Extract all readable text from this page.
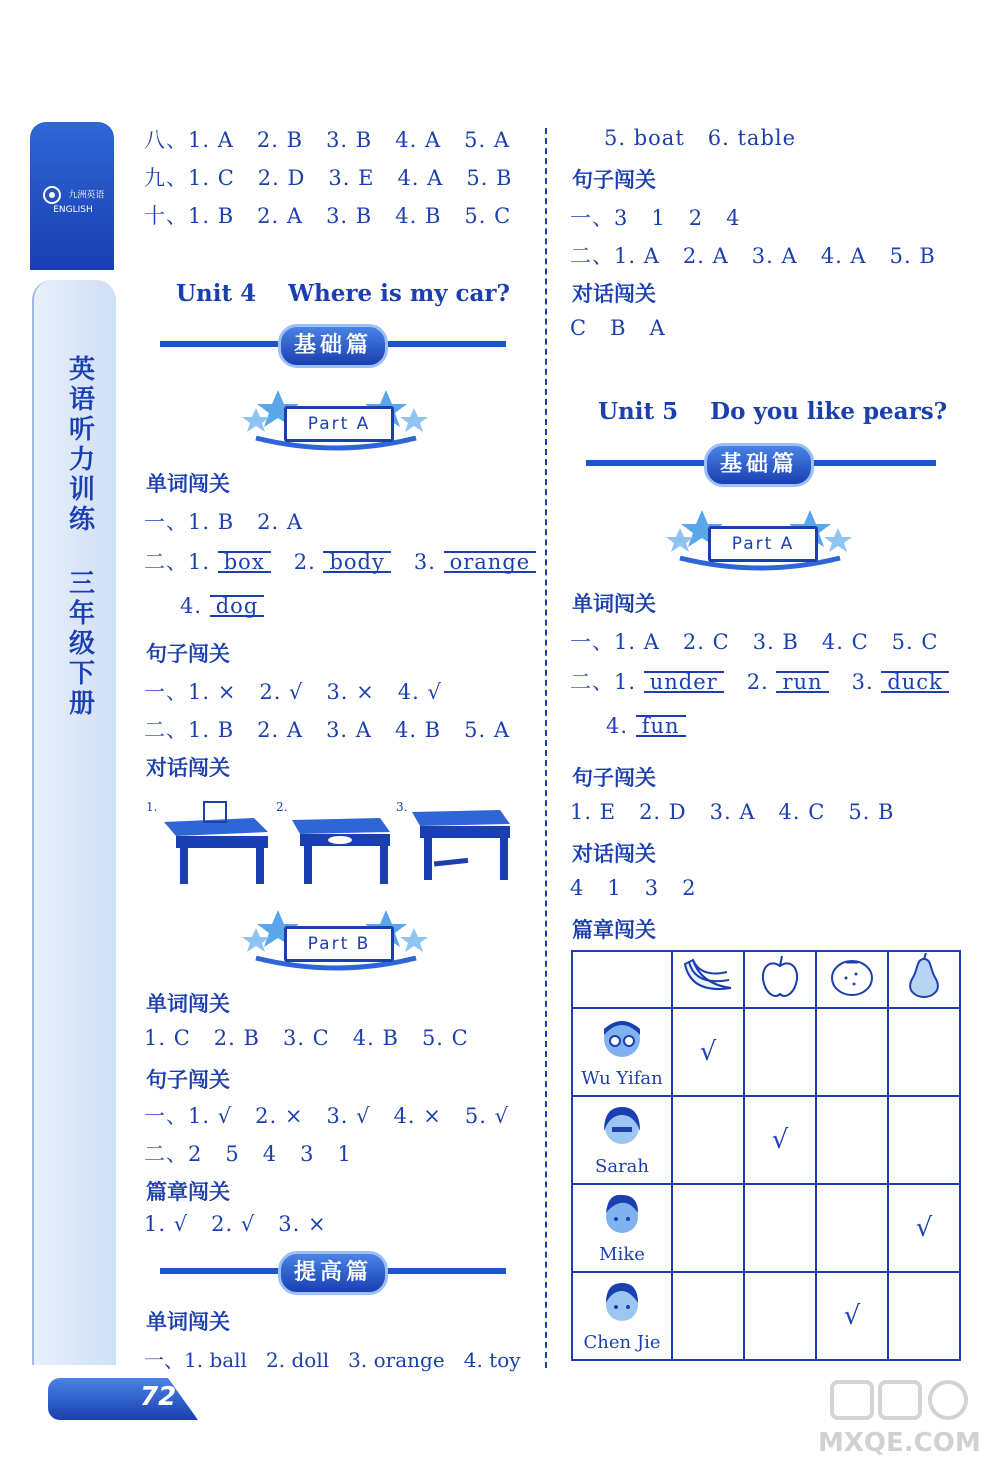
九洲英语 ENGLISH
英
语
听
力
训
练
三
年
级
下
册
72
八、1. A   2. B   3. B   4. A   5. A
九、1. C   2. D   3. E   4. A   5. B
十、1. B   2. A   3. B   4. B   5. C
Unit 4    Where is my car?
基础篇
Part A
单词闯关
一、1. B   2. A
二、1. box 2. body 3. orange
4. dog
句子闯关
一、1. ×   2. √   3. ×   4. √
二、1. B   2. A   3. A   4. B   5. A
对话闯关
1.	2.	3.
Part B
单词闯关
1. C   2. B   3. C   4. B   5. C
句子闯关
一、1. √   2. ×   3. √   4. ×   5. √
二、2   5   4   3   1
篇章闯关
1. √   2. √   3. ×
提高篇
单词闯关
一、1. ball   2. doll   3. orange   4. toy
5. boat   6. table
句子闯关
一、3   1   2   4
二、1. A   2. A   3. A   4. A   5. B
对话闯关
C   B   A
Unit 5    Do you like pears?
基础篇
Part A
单词闯关
一、1. A   2. C   3. B   4. C   5. C
二、1. under 2. run 3. duck
4. fun
句子闯关
1. E   2. D   3. A   4. C   5. B
对话闯关
4   1   3   2
篇章闯关

Wu Yifan	√			

Sarah		√		

Mike				√

Chen Jie			√	
MXQE.COM
